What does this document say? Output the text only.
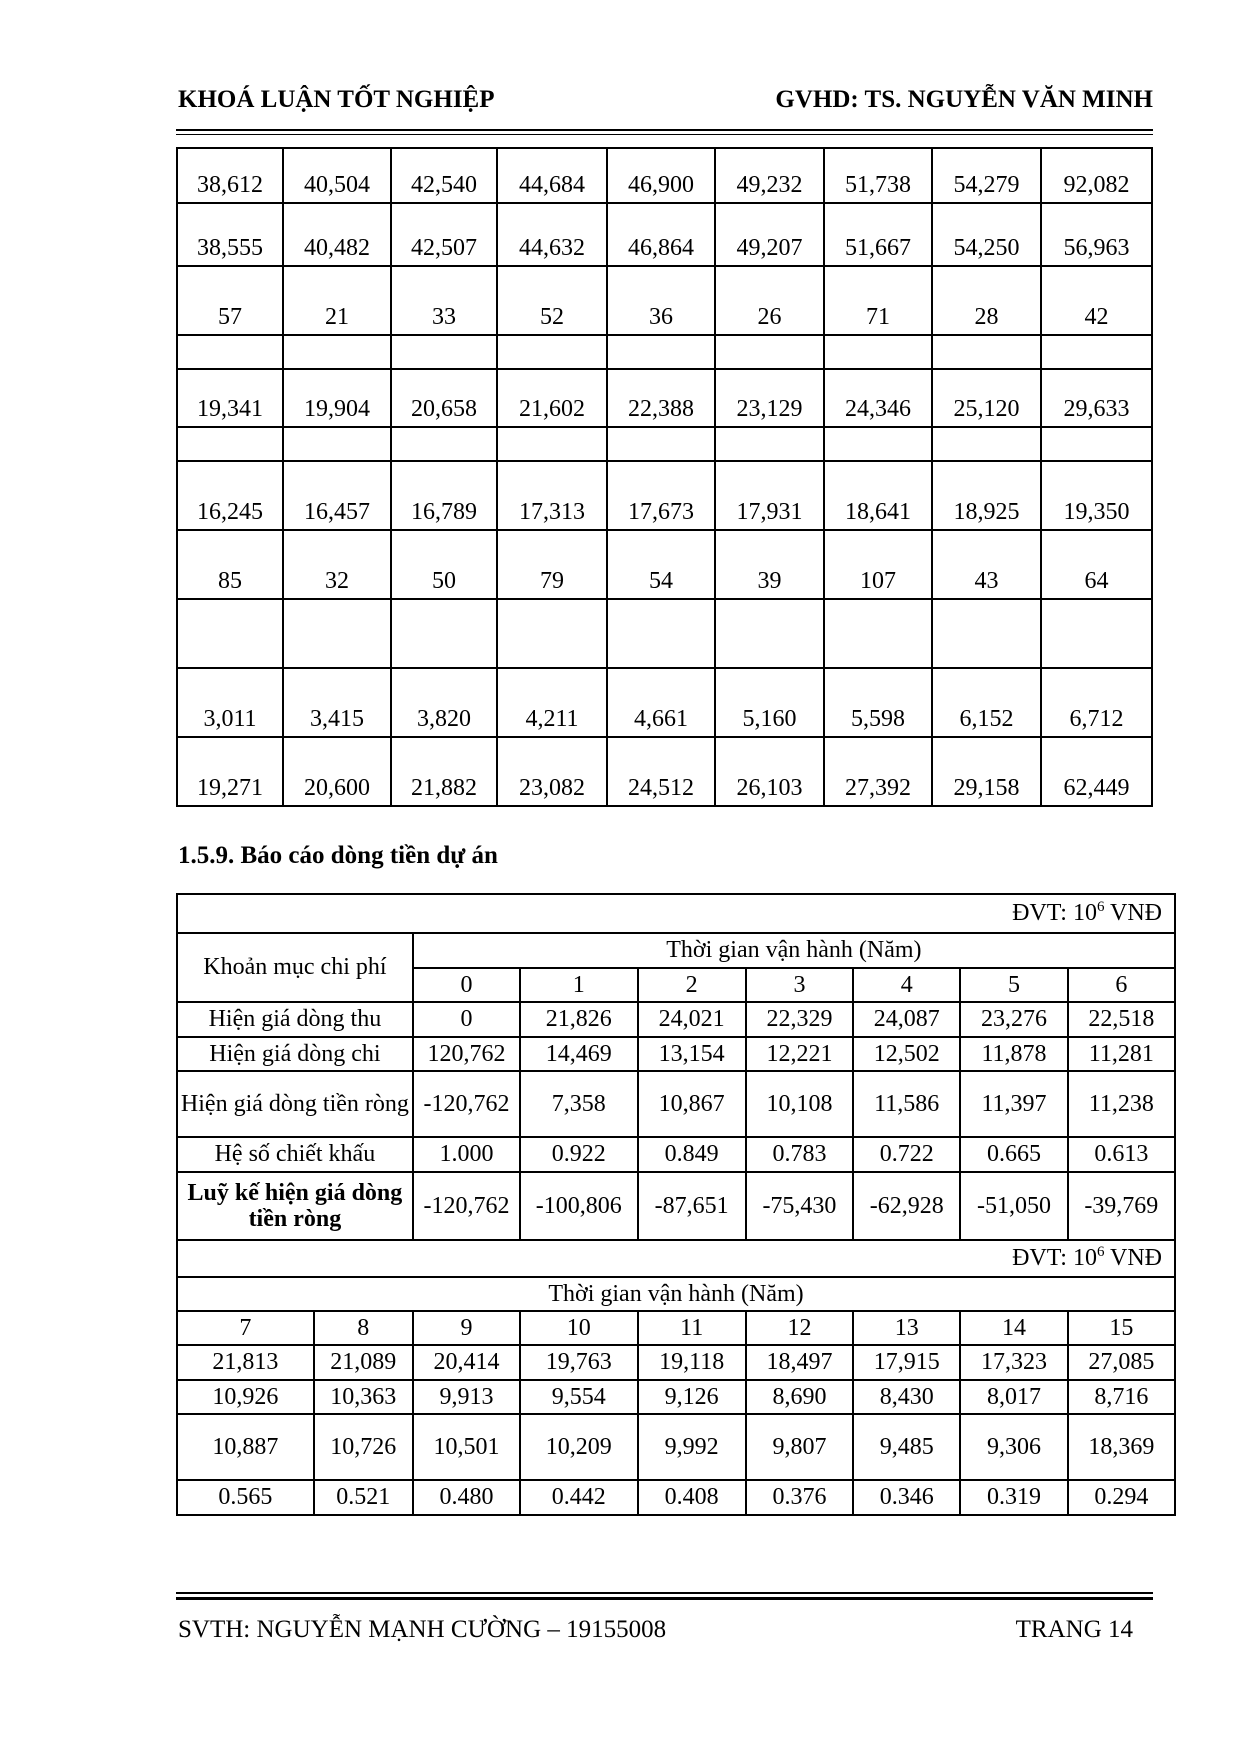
KHOÁ LUẬN TỐT NGHIỆP	GVHD: TS. NGUYỄN VĂN MINH
38,612	40,504	42,540	44,684	46,900	49,232	51,738	54,279	92,082
38,555	40,482	42,507	44,632	46,864	49,207	51,667	54,250	56,963
57	21	33	52	36	26	71	28	42

19,341	19,904	20,658	21,602	22,388	23,129	24,346	25,120	29,633

16,245	16,457	16,789	17,313	17,673	17,931	18,641	18,925	19,350
85	32	50	79	54	39	107	43	64

3,011	3,415	3,820	4,211	4,661	5,160	5,598	6,152	6,712
19,271	20,600	21,882	23,082	24,512	26,103	27,392	29,158	62,449
1.5.9. Báo cáo dòng tiền dự án
ĐVT: $10^6$ VNĐ								
Khoản mục chi phí		Thời gian vận hành (Năm)						
		0	1	2	3	4	5	6
Hiện giá dòng thu		0	21,826	24,021	22,329	24,087	23,276	22,518
Hiện giá dòng chi		120,762	14,469	13,154	12,221	12,502	11,878	11,281
Hiện giá dòng tiền ròng		-120,762	7,358	10,867	10,108	11,586	11,397	11,238
Hệ số chiết khấu		1.000	0.922	0.849	0.783	0.722	0.665	0.613
Luỹ kế hiện giá dòng tiền ròng		-120,762	-100,806	-87,651	-75,430	-62,928	-51,050	-39,769
ĐVT: $10^6$ VNĐ								
Thời gian vận hành (Năm)								
7	8	9	10	11	12	13	14	15
21,813	21,089	20,414	19,763	19,118	18,497	17,915	17,323	27,085
10,926	10,363	9,913	9,554	9,126	8,690	8,430	8,017	8,716
10,887	10,726	10,501	10,209	9,992	9,807	9,485	9,306	18,369
0.565	0.521	0.480	0.442	0.408	0.376	0.346	0.319	0.294
SVTH: NGUYỄN MẠNH CƯỜNG – 19155008	TRANG 14
